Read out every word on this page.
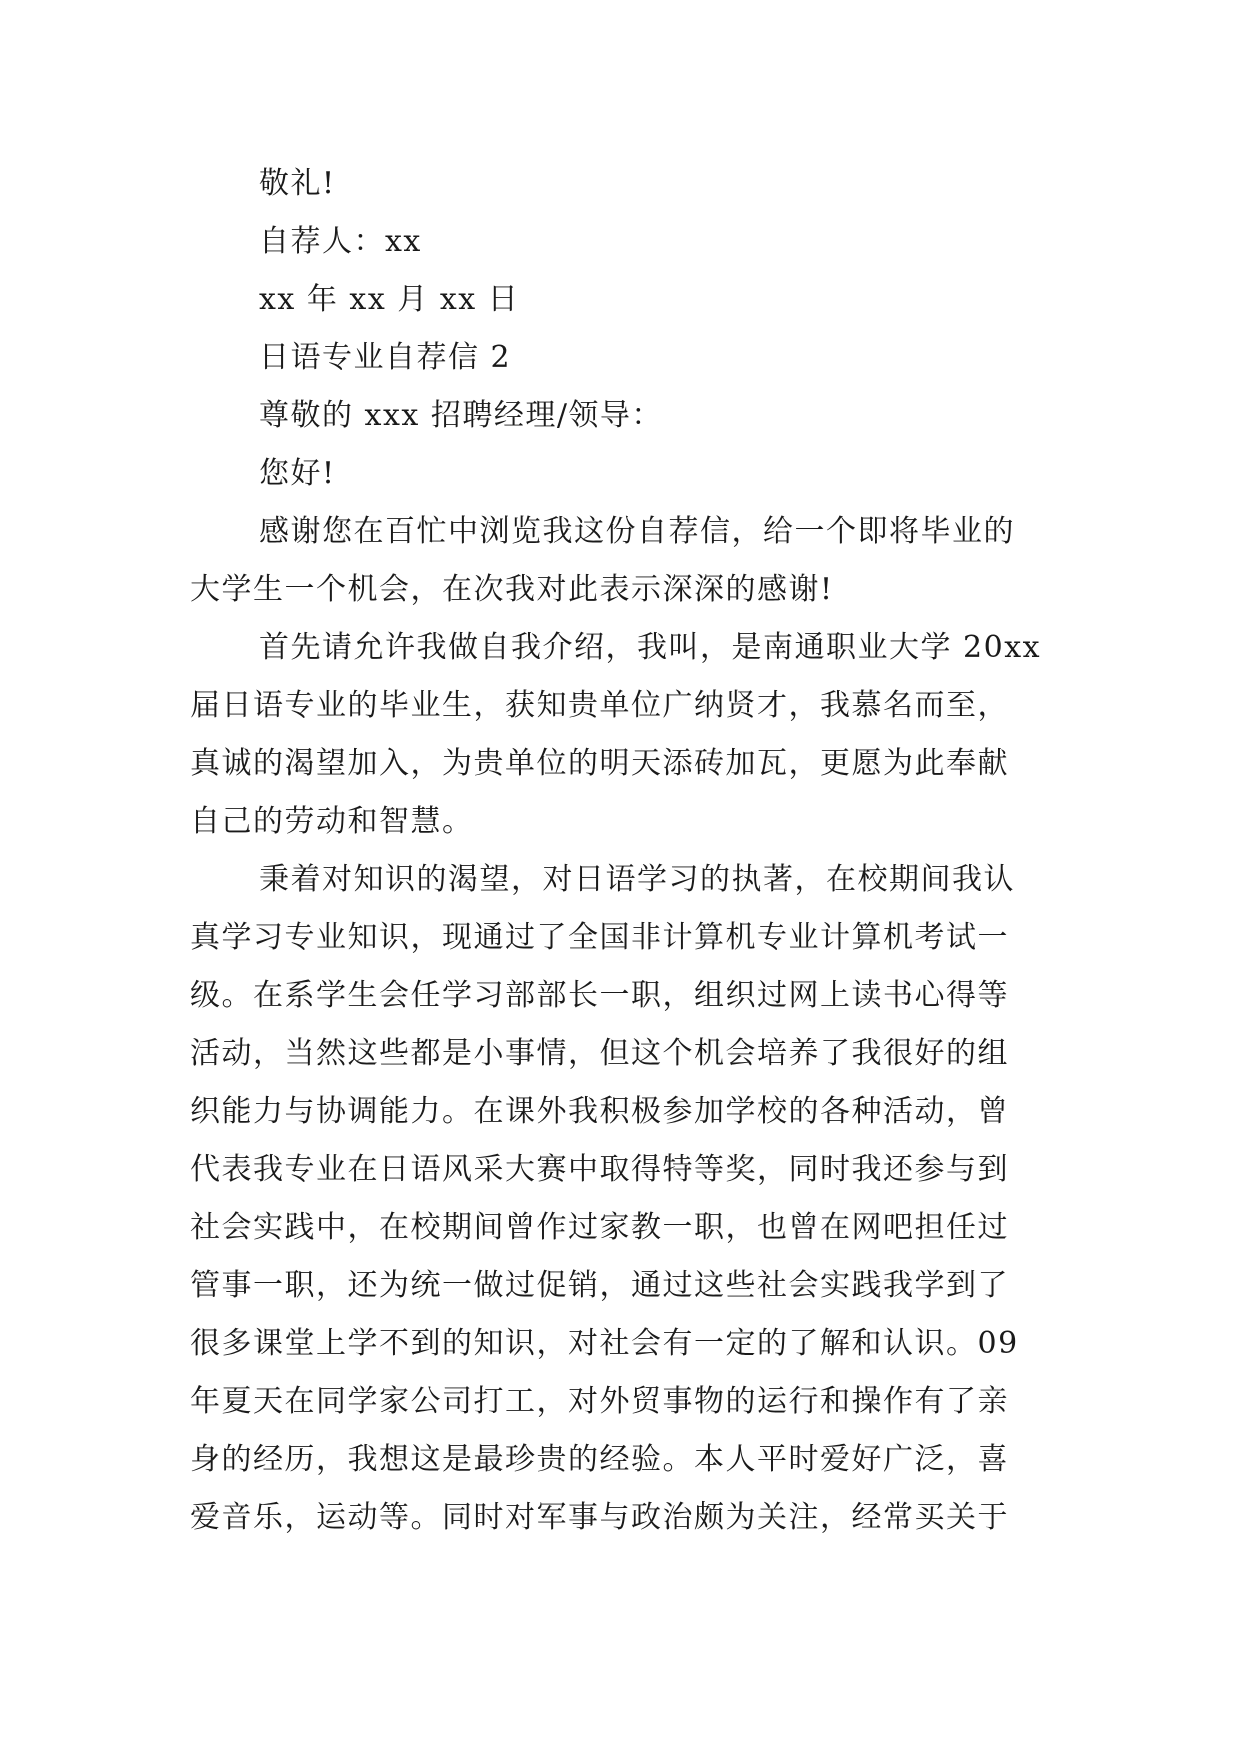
敬礼!

自荐人：xx

xx 年 xx 月 xx 日

日语专业自荐信 2

尊敬的 xxx 招聘经理/领导：

您好!

感谢您在百忙中浏览我这份自荐信，给一个即将毕业的

大学生一个机会，在次我对此表示深深的感谢!

首先请允许我做自我介绍，我叫，是南通职业大学 20xx

届日语专业的毕业生，获知贵单位广纳贤才，我慕名而至，

真诚的渴望加入，为贵单位的明天添砖加瓦，更愿为此奉献

自己的劳动和智慧。

秉着对知识的渴望，对日语学习的执著，在校期间我认

真学习专业知识，现通过了全国非计算机专业计算机考试一

级。在系学生会任学习部部长一职，组织过网上读书心得等

活动，当然这些都是小事情，但这个机会培养了我很好的组

织能力与协调能力。在课外我积极参加学校的各种活动，曾

代表我专业在日语风采大赛中取得特等奖，同时我还参与到

社会实践中，在校期间曾作过家教一职，也曾在网吧担任过

管事一职，还为统一做过促销，通过这些社会实践我学到了

很多课堂上学不到的知识，对社会有一定的了解和认识。09

年夏天在同学家公司打工，对外贸事物的运行和操作有了亲

身的经历，我想这是最珍贵的经验。本人平时爱好广泛，喜

爱音乐，运动等。同时对军事与政治颇为关注，经常买关于
